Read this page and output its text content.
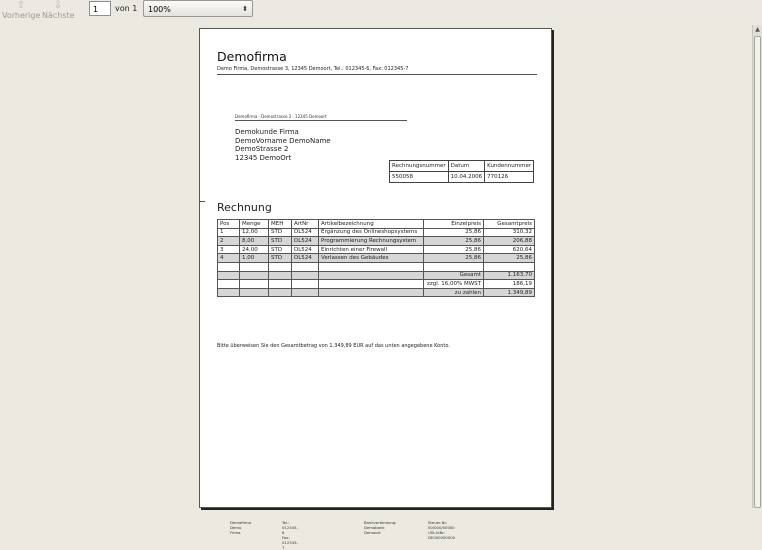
⇧
Vorherige
⇩
Nächste
1	von 1	100%	⬍
Demofirma
Demo Firma, Demostrasse 3, 12345 Demoort, Tel.: 012345-6, Fax: 012345-7
Demofirma · Demostrasse 3 · 12345 Demoort
Demokunde Firma
DemoVorname DemoName
DemoStrasse 2
12345 DemoOrt
Rechnungsnummer	Datum	Kundennummer
550058	10.04.2006	770126
Rechnung
Pos	Menge	MEH	ArtNr	Artikelbezeichnung	Einzelpreis	Gesamtpreis
1	12,00	STD	DL524	Ergänzung des Onlineshopsystems	25,86	310,32
2	8,00	STD	DL524	Programmierung Rechnungsystem	25,86	206,88
3	24,00	STD	DL524	Einrichten einer Firewall	25,86	620,64
4	1,00	STD	DL524	Verlassen des Gebäudes	25,86	25,86

					Gesamt	1.163,70
					zzgl. 16,00% MWST	186,19
					zu zahlen	1.349,89
Bitte überweisen Sie den Gesamtbetrag von 1.349,89 EUR auf das unten angegebene Konto.
Demofirma
Demo Firma
Tel.: 012345-6
Fax: 012345-7
Bankverbindung:
Demobank Demoort
Steuer-Nr: 00/000/00000
USt-IdNr: DE000000000
▲
